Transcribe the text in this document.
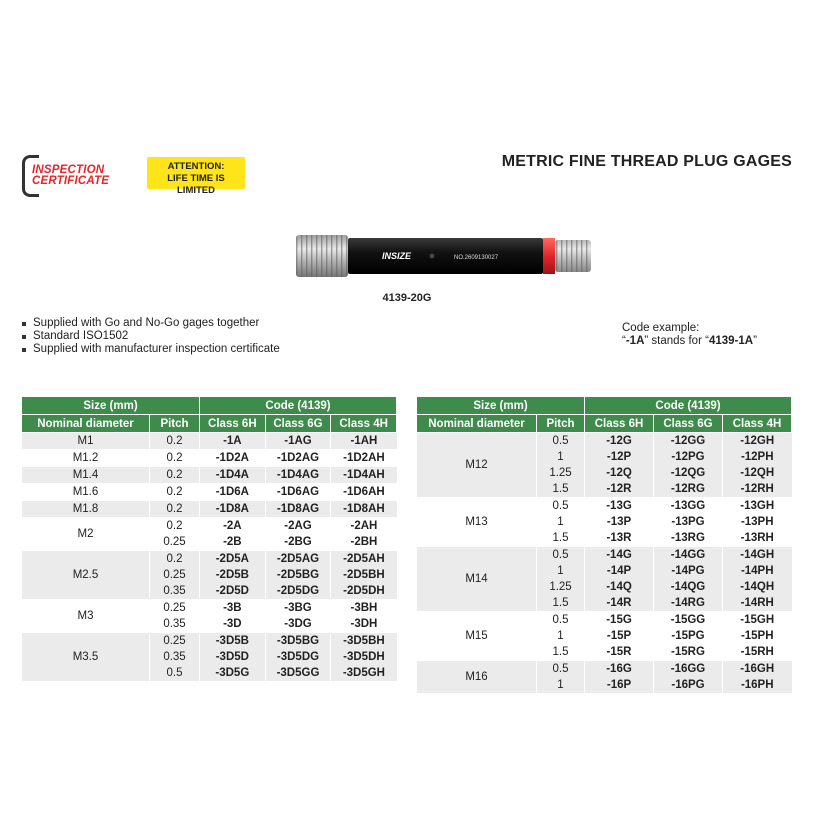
INSPECTION
CERTIFICATE
ATTENTION:
LIFE TIME IS LIMITED
METRIC FINE THREAD PLUG GAGES
INSIZE	NO.2609130027
4139-20G
Supplied with Go and No-Go gages together
Standard ISO1502
Supplied with manufacturer inspection certificate
Code example:
“-1A” stands for “4139-1A”
Size (mm)		Code (4139)		
Nominal diameter	Pitch	Class 6H	Class 6G	Class 4H
M1	0.2	-1A	-1AG	-1AH
M1.2	0.2	-1D2A	-1D2AG	-1D2AH
M1.4	0.2	-1D4A	-1D4AG	-1D4AH
M1.6	0.2	-1D6A	-1D6AG	-1D6AH
M1.8	0.2	-1D8A	-1D8AG	-1D8AH
M2	0.2	-2A	-2AG	-2AH
	0.25	-2B	-2BG	-2BH
M2.5	0.2	-2D5A	-2D5AG	-2D5AH
	0.25	-2D5B	-2D5BG	-2D5BH
	0.35	-2D5D	-2D5DG	-2D5DH
M3	0.25	-3B	-3BG	-3BH
	0.35	-3D	-3DG	-3DH
M3.5	0.25	-3D5B	-3D5BG	-3D5BH
	0.35	-3D5D	-3D5DG	-3D5DH
	0.5	-3D5G	-3D5GG	-3D5GH
Size (mm)		Code (4139)		
Nominal diameter	Pitch	Class 6H	Class 6G	Class 4H
M12	0.5	-12G	-12GG	-12GH
	1	-12P	-12PG	-12PH
	1.25	-12Q	-12QG	-12QH
	1.5	-12R	-12RG	-12RH
M13	0.5	-13G	-13GG	-13GH
	1	-13P	-13PG	-13PH
	1.5	-13R	-13RG	-13RH
M14	0.5	-14G	-14GG	-14GH
	1	-14P	-14PG	-14PH
	1.25	-14Q	-14QG	-14QH
	1.5	-14R	-14RG	-14RH
M15	0.5	-15G	-15GG	-15GH
	1	-15P	-15PG	-15PH
	1.5	-15R	-15RG	-15RH
M16	0.5	-16G	-16GG	-16GH
	1	-16P	-16PG	-16PH
